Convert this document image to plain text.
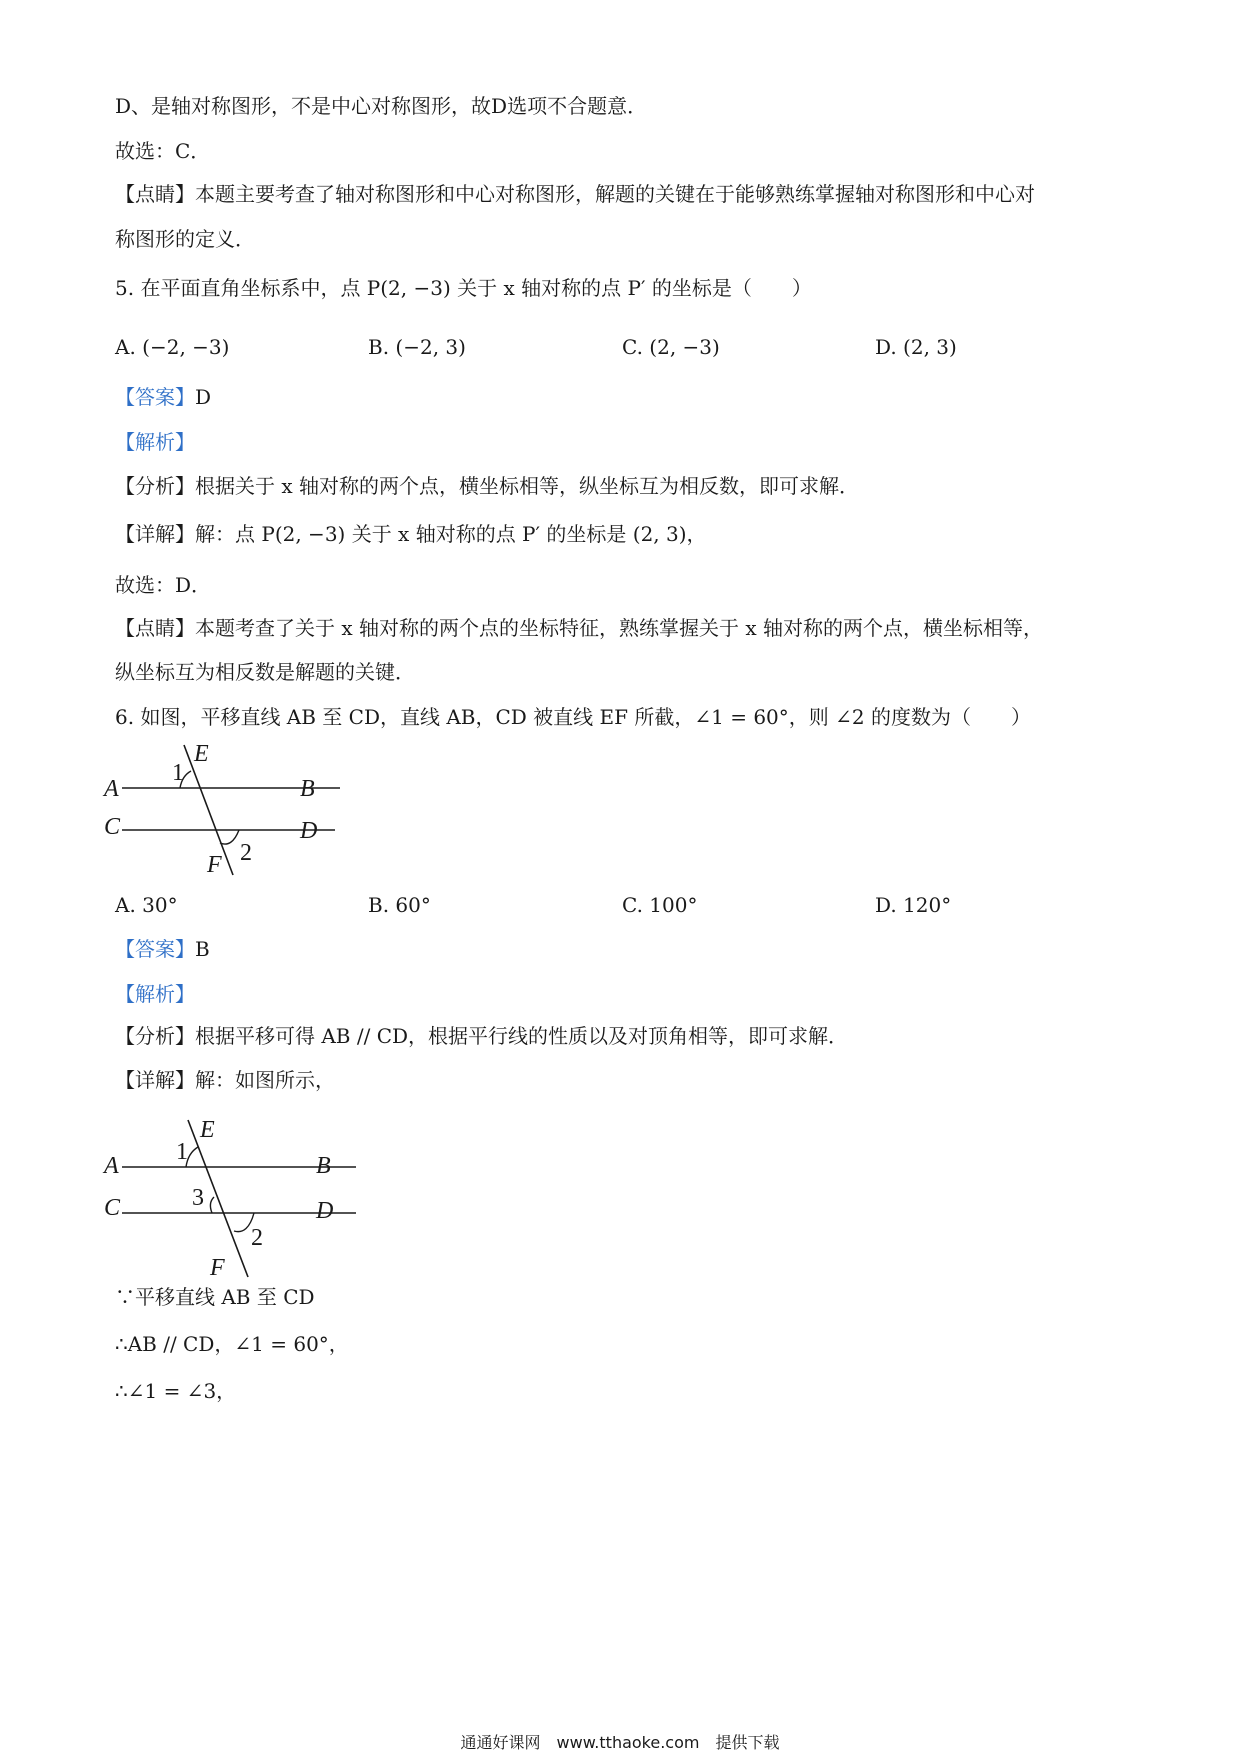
D、是轴对称图形，不是中心对称图形，故D选项不合题意．
故选：C．
【点睛】本题主要考查了轴对称图形和中心对称图形，解题的关键在于能够熟练掌握轴对称图形和中心对
称图形的定义．
5. 在平面直角坐标系中，点 P(2, −3) 关于 x 轴对称的点 P′ 的坐标是（　　）
A. (−2, −3)	B. (−2, 3)	C. (2, −3)	D. (2, 3)
【答案】D
【解析】
【分析】根据关于 x 轴对称的两个点，横坐标相等，纵坐标互为相反数，即可求解．
【详解】解：点 P(2, −3) 关于 x 轴对称的点 P′ 的坐标是 (2, 3)，
故选：D．
【点睛】本题考查了关于 x 轴对称的两个点的坐标特征，熟练掌握关于 x 轴对称的两个点，横坐标相等，
纵坐标互为相反数是解题的关键．
6. 如图，平移直线 AB 至 CD，直线 AB，CD 被直线 EF 所截，∠1 = 60°，则 ∠2 的度数为（　　）
A	B
C	D
E
F
1
2
A. 30°	B. 60°	C. 100°	D. 120°
【答案】B
【解析】
【分析】根据平移可得 AB // CD，根据平行线的性质以及对顶角相等，即可求解．
【详解】解：如图所示，
A	B
C	D
E
F
1
3
2
∵平移直线 AB 至 CD
∴AB // CD，∠1 = 60°，
∴∠1 = ∠3，
通通好课网　www.tthaoke.com　提供下载
